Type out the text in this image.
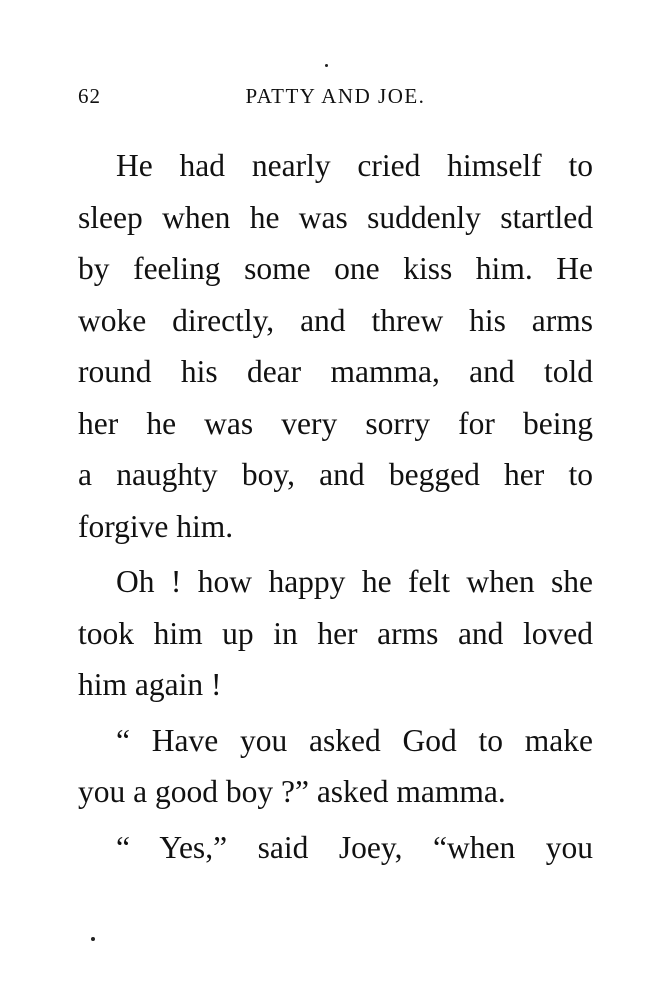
62	PATTY AND JOE.

He had nearly cried himself to
sleep when he was suddenly startled
by feeling some one kiss him. He
woke directly, and threw his arms
round his dear mamma, and told
her he was very sorry for being
a naughty boy, and begged her to
forgive him.

Oh ! how happy he felt when she
took him up in her arms and loved
him again !

“ Have you asked God to make
you a good boy ?” asked mamma.

“ Yes,” said Joey, “when you
